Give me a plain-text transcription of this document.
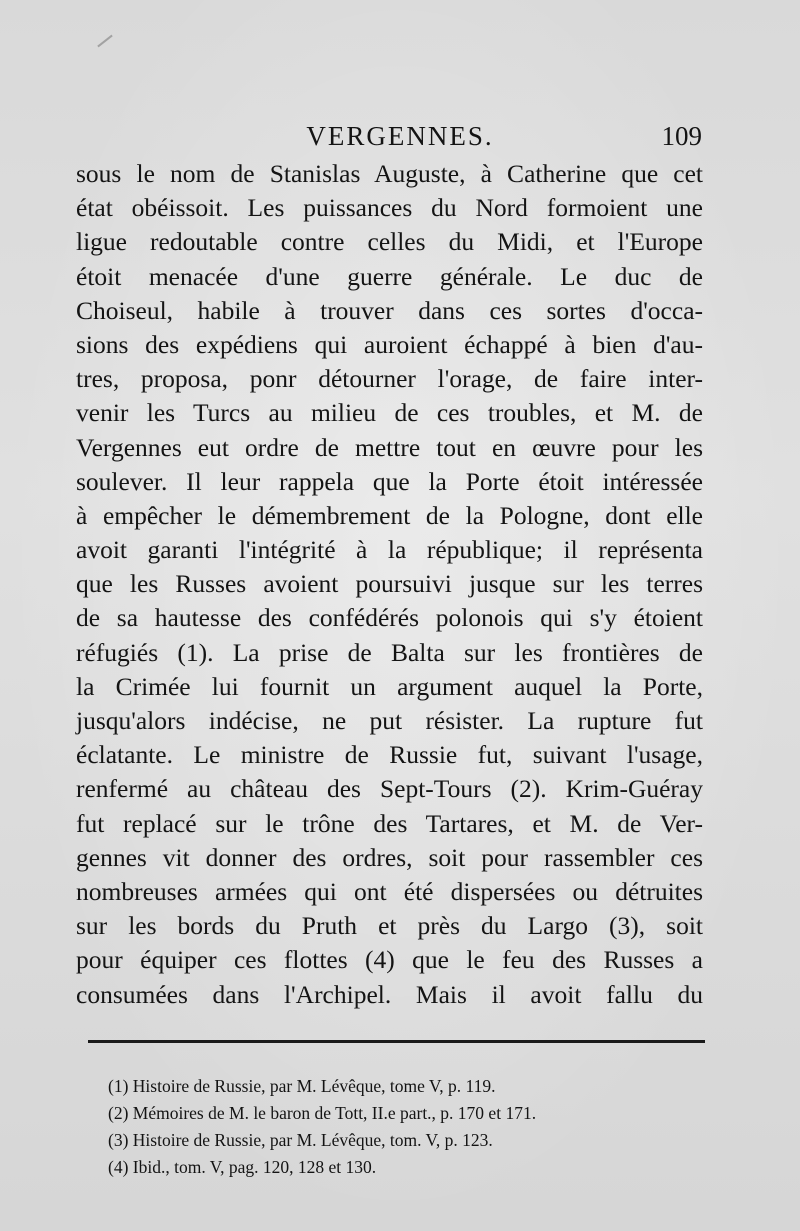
VERGENNES.	109
sous le nom de Stanislas Auguste, à Catherine que cet
état obéissoit. Les puissances du Nord formoient une
ligue redoutable contre celles du Midi, et l'Europe
étoit menacée d'une guerre générale. Le duc de
Choiseul, habile à trouver dans ces sortes d'occa-
sions des expédiens qui auroient échappé à bien d'au-
tres, proposa, ponr détourner l'orage, de faire inter-
venir les Turcs au milieu de ces troubles, et M. de
Vergennes eut ordre de mettre tout en œuvre pour les
soulever. Il leur rappela que la Porte étoit intéressée
à empêcher le démembrement de la Pologne, dont elle
avoit garanti l'intégrité à la république; il représenta
que les Russes avoient poursuivi jusque sur les terres
de sa hautesse des confédérés polonois qui s'y étoient
réfugiés (1). La prise de Balta sur les frontières de
la Crimée lui fournit un argument auquel la Porte,
jusqu'alors indécise, ne put résister. La rupture fut
éclatante. Le ministre de Russie fut, suivant l'usage,
renfermé au château des Sept-Tours (2). Krim-Guéray
fut replacé sur le trône des Tartares, et M. de Ver-
gennes vit donner des ordres, soit pour rassembler ces
nombreuses armées qui ont été dispersées ou détruites
sur les bords du Pruth et près du Largo (3), soit
pour équiper ces flottes (4) que le feu des Russes a
consumées dans l'Archipel. Mais il avoit fallu du
(1) Histoire de Russie, par M. Lévêque, tome V, p. 119.
(2) Mémoires de M. le baron de Tott, II.e part., p. 170 et 171.
(3) Histoire de Russie, par M. Lévêque, tom. V, p. 123.
(4) Ibid., tom. V, pag. 120, 128 et 130.
